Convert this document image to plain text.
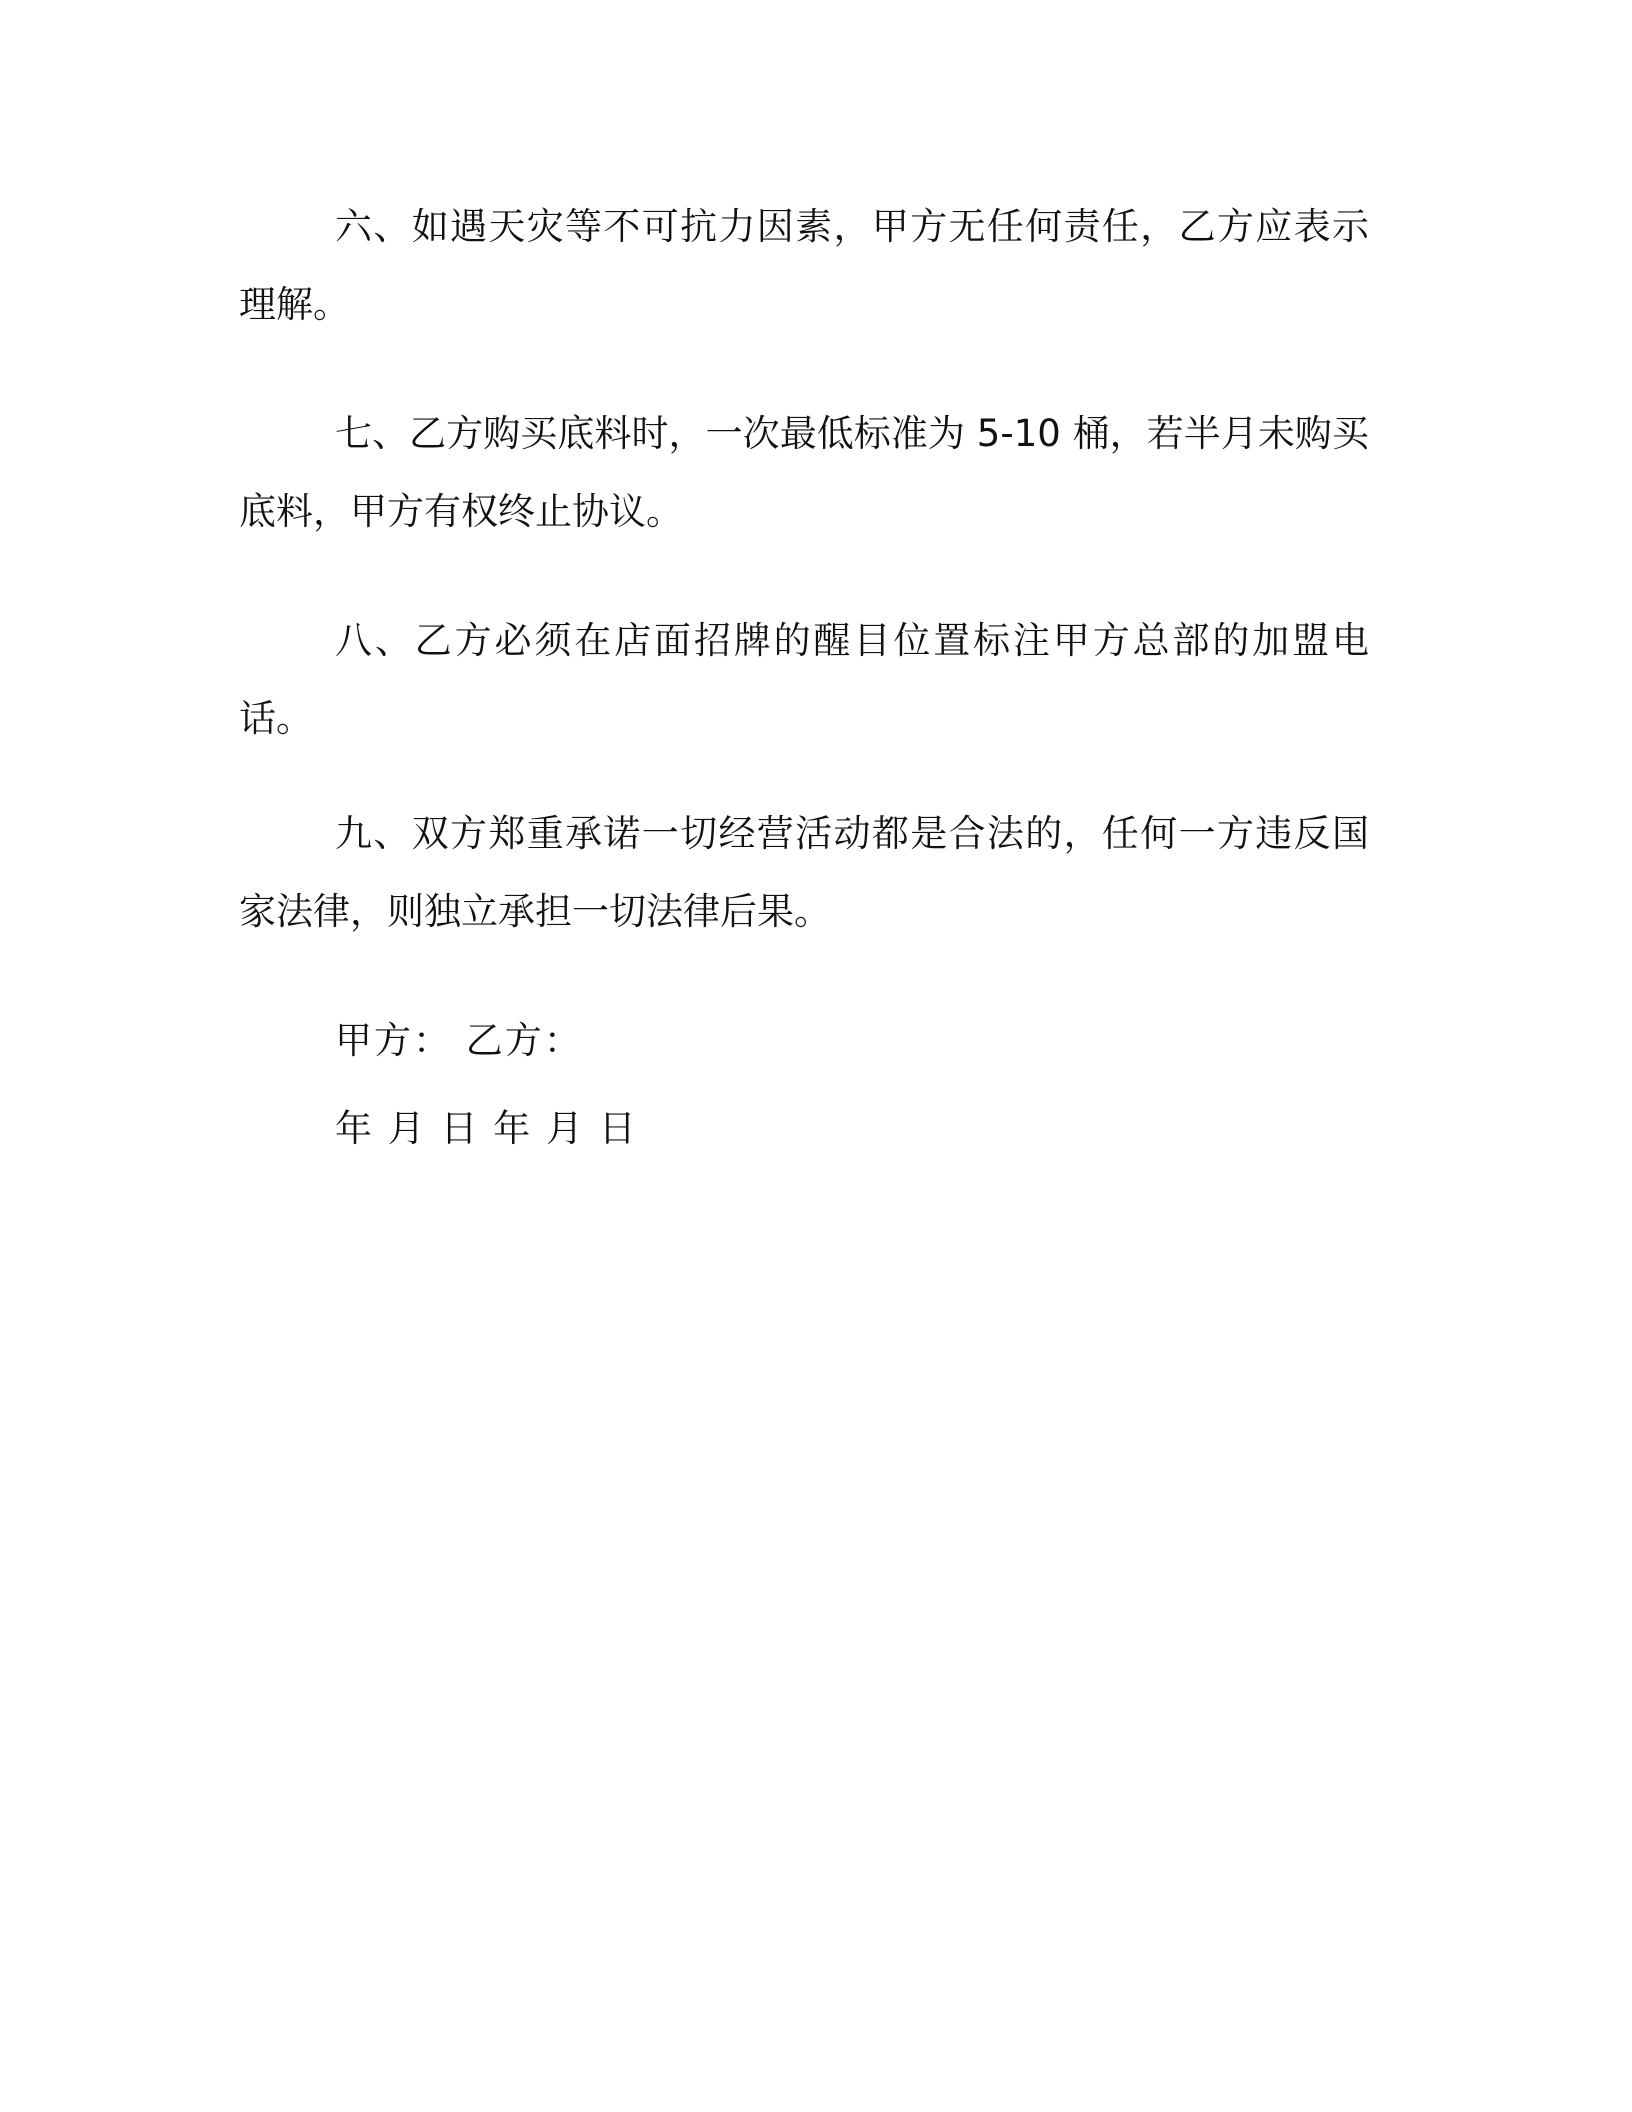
六、如遇天灾等不可抗力因素，甲方无任何责任，乙方应表示理解。

七、乙方购买底料时，一次最低标准为 5-10 桶，若半月未购买底料，甲方有权终止协议。

八、乙方必须在店面招牌的醒目位置标注甲方总部的加盟电话。

九、双方郑重承诺一切经营活动都是合法的，任何一方违反国家法律，则独立承担一切法律后果。

甲方： 乙方：

年 月 日 年 月 日
